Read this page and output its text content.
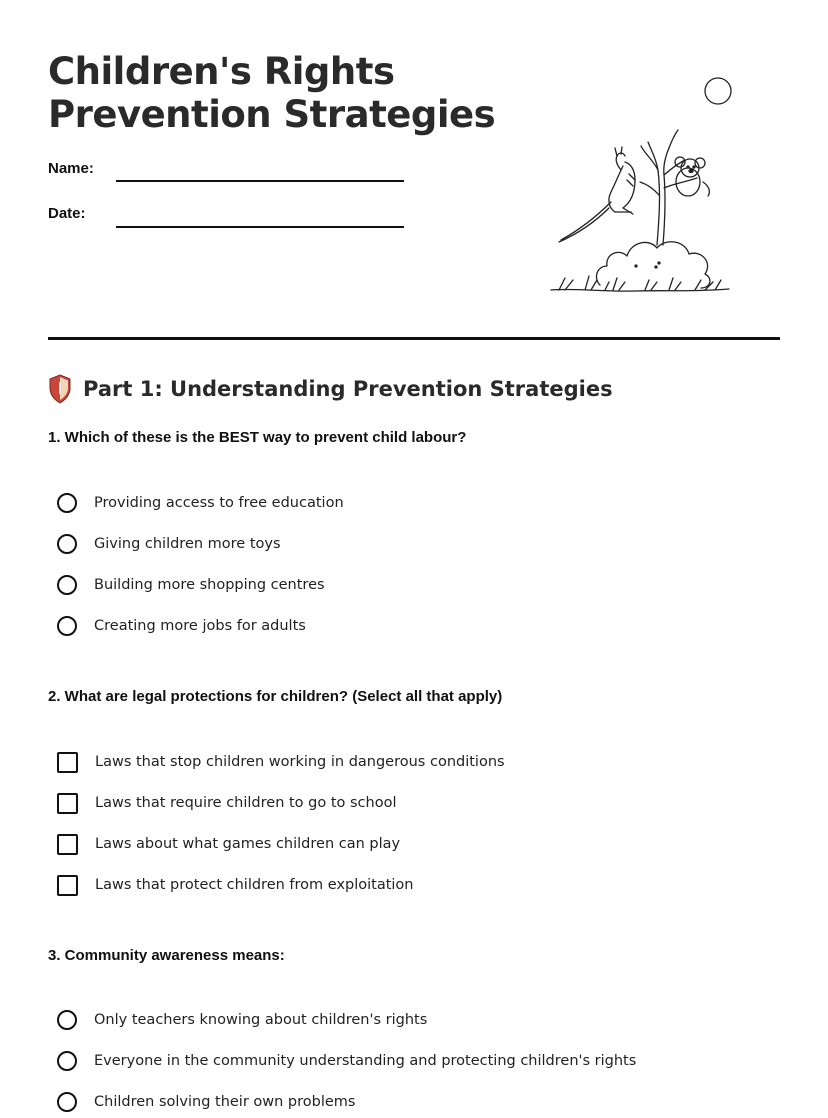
Children's Rights
Prevention Strategies
Name:
Date:
Part 1: Understanding Prevention Strategies
1. Which of these is the BEST way to prevent child labour?
Providing access to free education
Giving children more toys
Building more shopping centres
Creating more jobs for adults
2. What are legal protections for children? (Select all that apply)
Laws that stop children working in dangerous conditions
Laws that require children to go to school
Laws about what games children can play
Laws that protect children from exploitation
3. Community awareness means:
Only teachers knowing about children's rights
Everyone in the community understanding and protecting children's rights
Children solving their own problems
